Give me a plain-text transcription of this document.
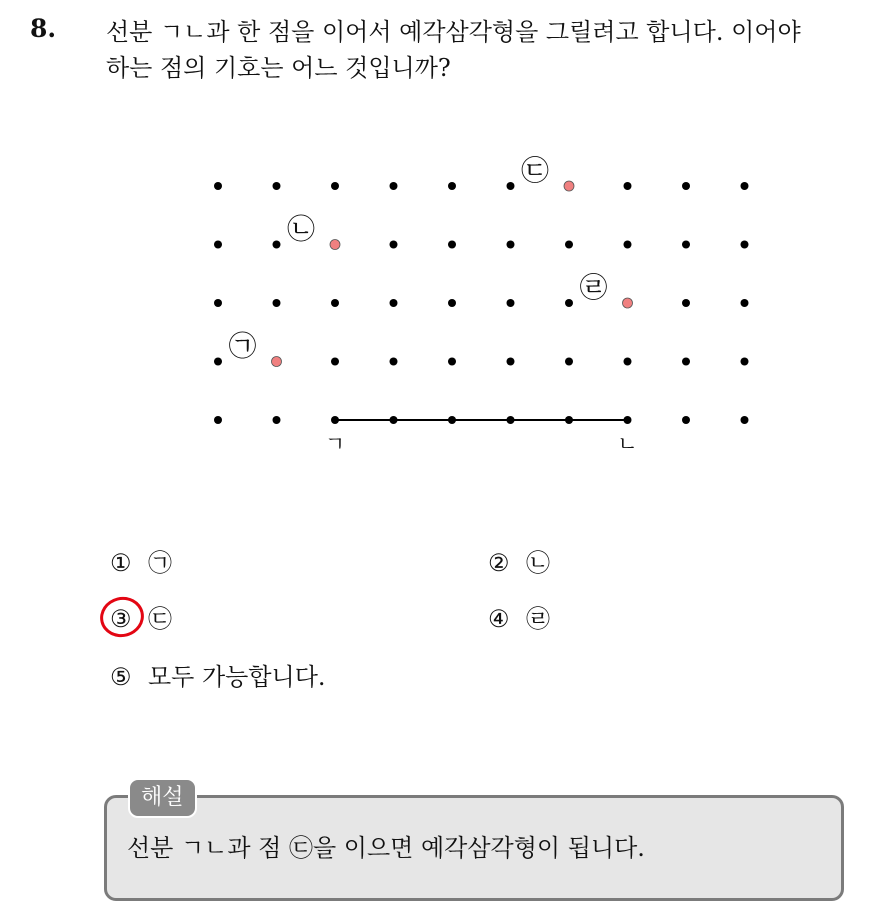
8. 선분 ㄱㄴ과 한 점을 이어서 예각삼각형을 그릴려고 합니다. 이어야
하는 점의 기호는 어느 것입니까?

㉠
㉡
㉢
㉣
ㄱ	ㄴ
① ㉠	② ㉡
③ ㉢	④ ㉣
⑤ 모두 가능합니다.
해설
선분 ㄱㄴ과 점 ㉢을 이으면 예각삼각형이 됩니다.
